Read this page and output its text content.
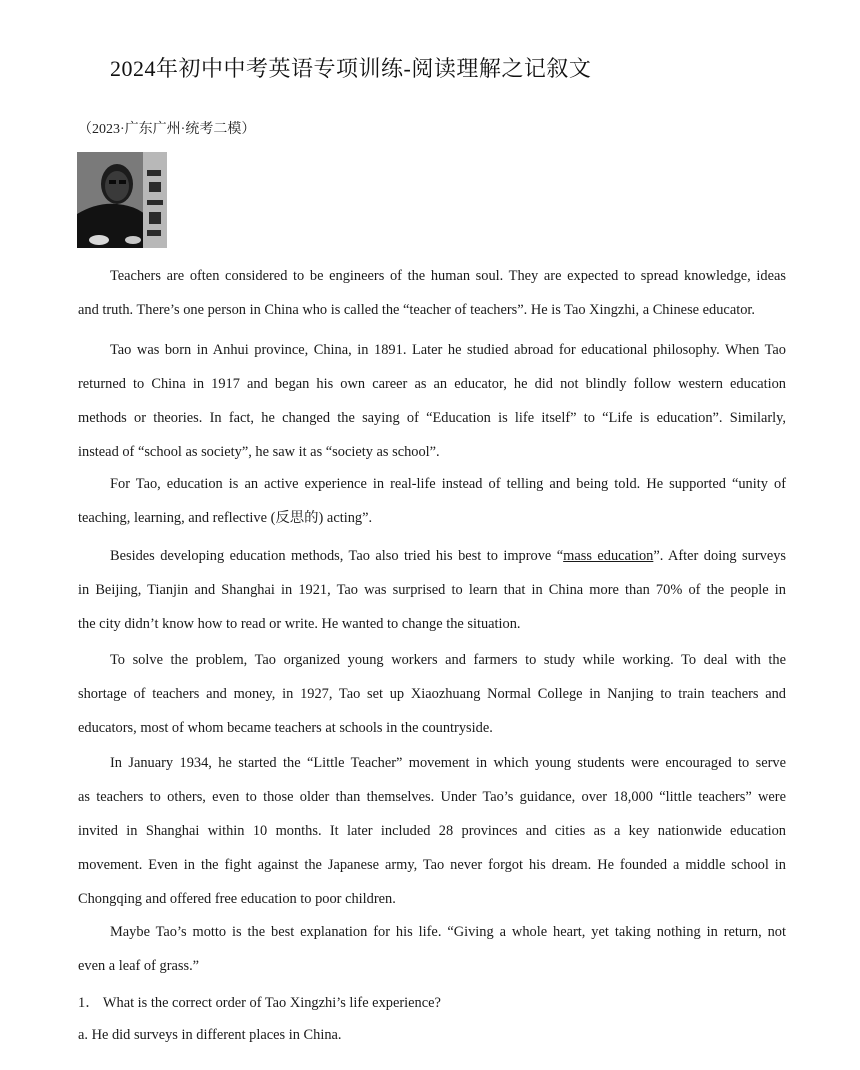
2024年初中中考英语专项训练-阅读理解之记叙文
（2023·广东广州·统考二模）
Teachers are often considered to be engineers of the human soul. They are expected to spread knowledge, ideas
and truth. There’s one person in China who is called the “teacher of teachers”. He is Tao Xingzhi, a Chinese educator.
Tao was born in Anhui province, China, in 1891. Later he studied abroad for educational philosophy. When Tao
returned to China in 1917 and began his own career as an educator, he did not blindly follow western education
methods or theories. In fact, he changed the saying of “Education is life itself” to “Life is education”. Similarly,
instead of “school as society”, he saw it as “society as school”.
For Tao, education is an active experience in real-life instead of telling and being told. He supported “unity of
teaching, learning, and reflective (反思的) acting”.
Besides developing education methods, Tao also tried his best to improve “mass education”. After doing surveys
in Beijing, Tianjin and Shanghai in 1921, Tao was surprised to learn that in China more than 70% of the people in
the city didn’t know how to read or write. He wanted to change the situation.
To solve the problem, Tao organized young workers and farmers to study while working. To deal with the
shortage of teachers and money, in 1927, Tao set up Xiaozhuang Normal College in Nanjing to train teachers and
educators, most of whom became teachers at schools in the countryside.
In January 1934, he started the “Little Teacher” movement in which young students were encouraged to serve
as teachers to others, even to those older than themselves. Under Tao’s guidance, over 18,000 “little teachers” were
invited in Shanghai within 10 months. It later included 28 provinces and cities as a key nationwide education
movement. Even in the fight against the Japanese army, Tao never forgot his dream. He founded a middle school in
Chongqing and offered free education to poor children.
Maybe Tao’s motto is the best explanation for his life. “Giving a whole heart, yet taking nothing in return, not
even a leaf of grass.”
1． What is the correct order of Tao Xingzhi’s life experience?
a. He did surveys in different places in China.
